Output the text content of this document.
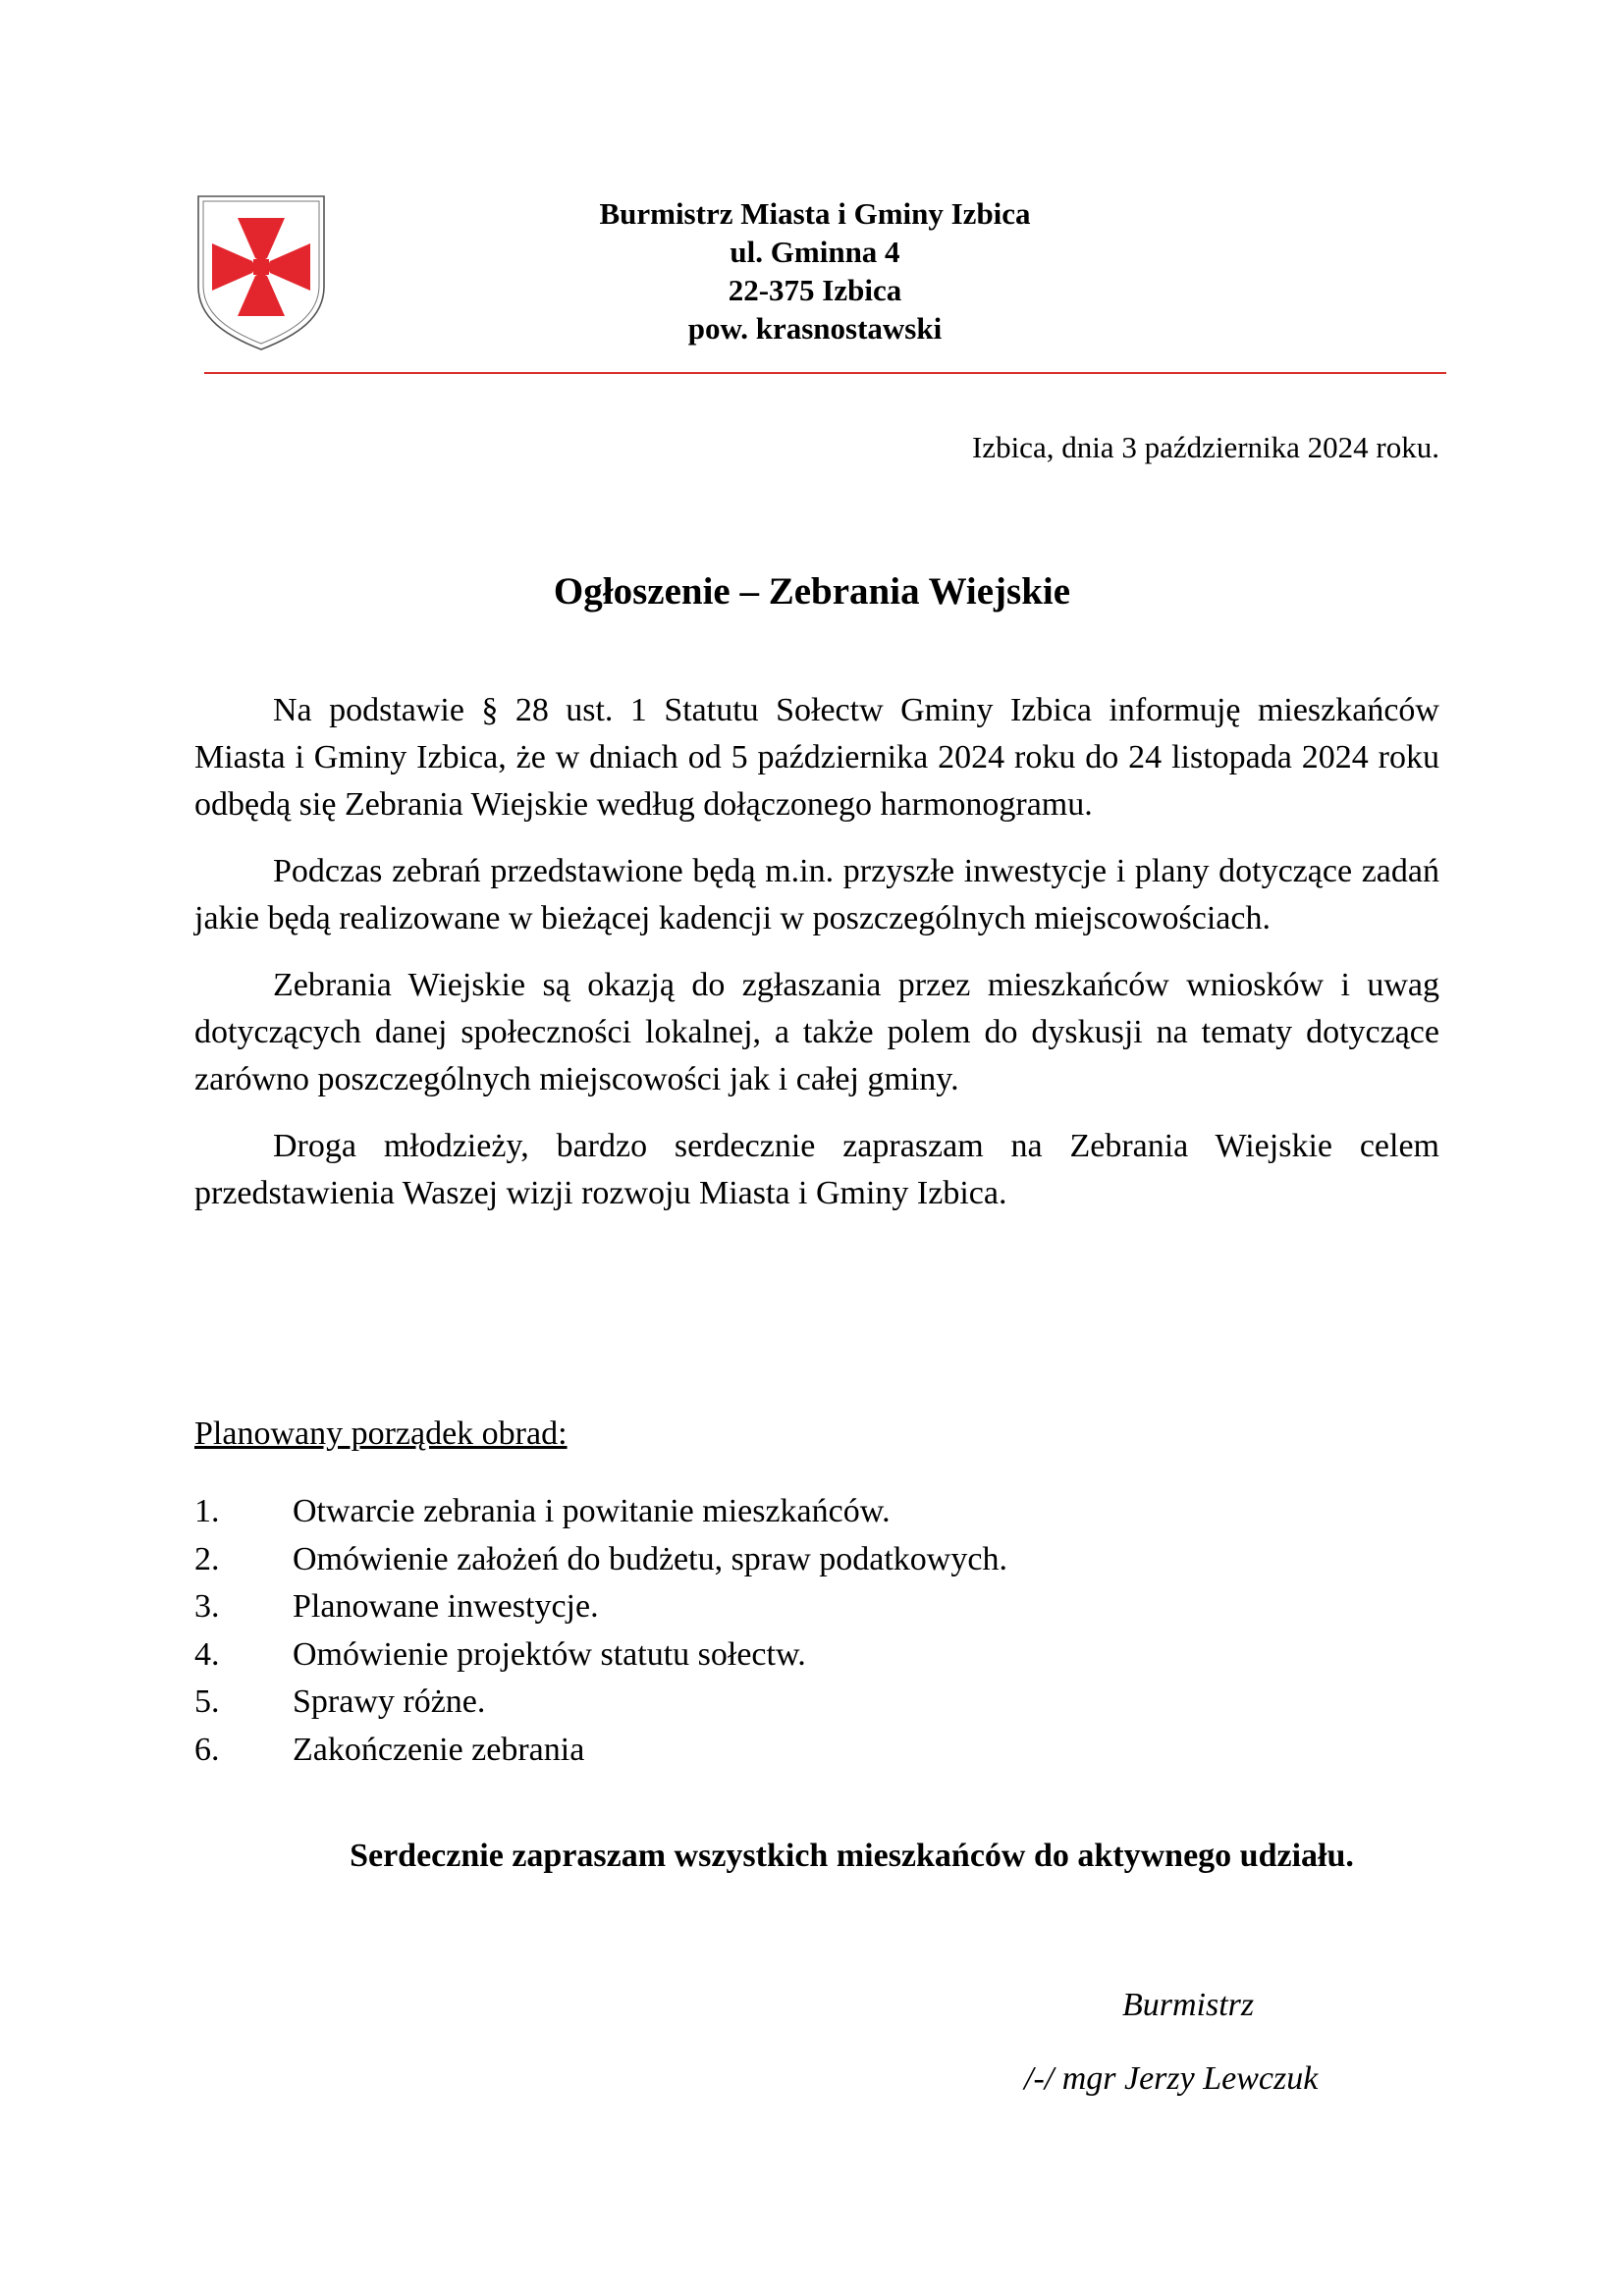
Burmistrz Miasta i Gminy Izbica
ul. Gminna 4
22-375 Izbica
pow. krasnostawski
Izbica, dnia 3 października 2024 roku.
Ogłoszenie – Zebrania Wiejskie

Na podstawie § 28 ust. 1 Statutu Sołectw Gminy Izbica informuję mieszkańców Miasta i Gminy Izbica, że w dniach od 5 października 2024 roku do 24 listopada 2024 roku odbędą się Zebrania Wiejskie według dołączonego harmonogramu.

Podczas zebrań przedstawione będą m.in. przyszłe inwestycje i plany dotyczące zadań jakie będą realizowane w bieżącej kadencji w poszczególnych miejscowościach.

Zebrania Wiejskie są okazją do zgłaszania przez mieszkańców wniosków i uwag dotyczących danej społeczności lokalnej, a także polem do dyskusji na tematy dotyczące zarówno poszczególnych miejscowości jak i całej gminy.

Droga młodzieży, bardzo serdecznie zapraszam na Zebrania Wiejskie celem przedstawienia Waszej wizji rozwoju Miasta i Gminy Izbica.

Planowany porządek obrad:
1.	Otwarcie zebrania i powitanie mieszkańców.
2.	Omówienie założeń do budżetu, spraw podatkowych.
3.	Planowane inwestycje.
4.	Omówienie projektów statutu sołectw.
5.	Sprawy różne.
6.	Zakończenie zebrania
Serdecznie zapraszam wszystkich mieszkańców do aktywnego udziału.
Burmistrz
/-/ mgr Jerzy Lewczuk
